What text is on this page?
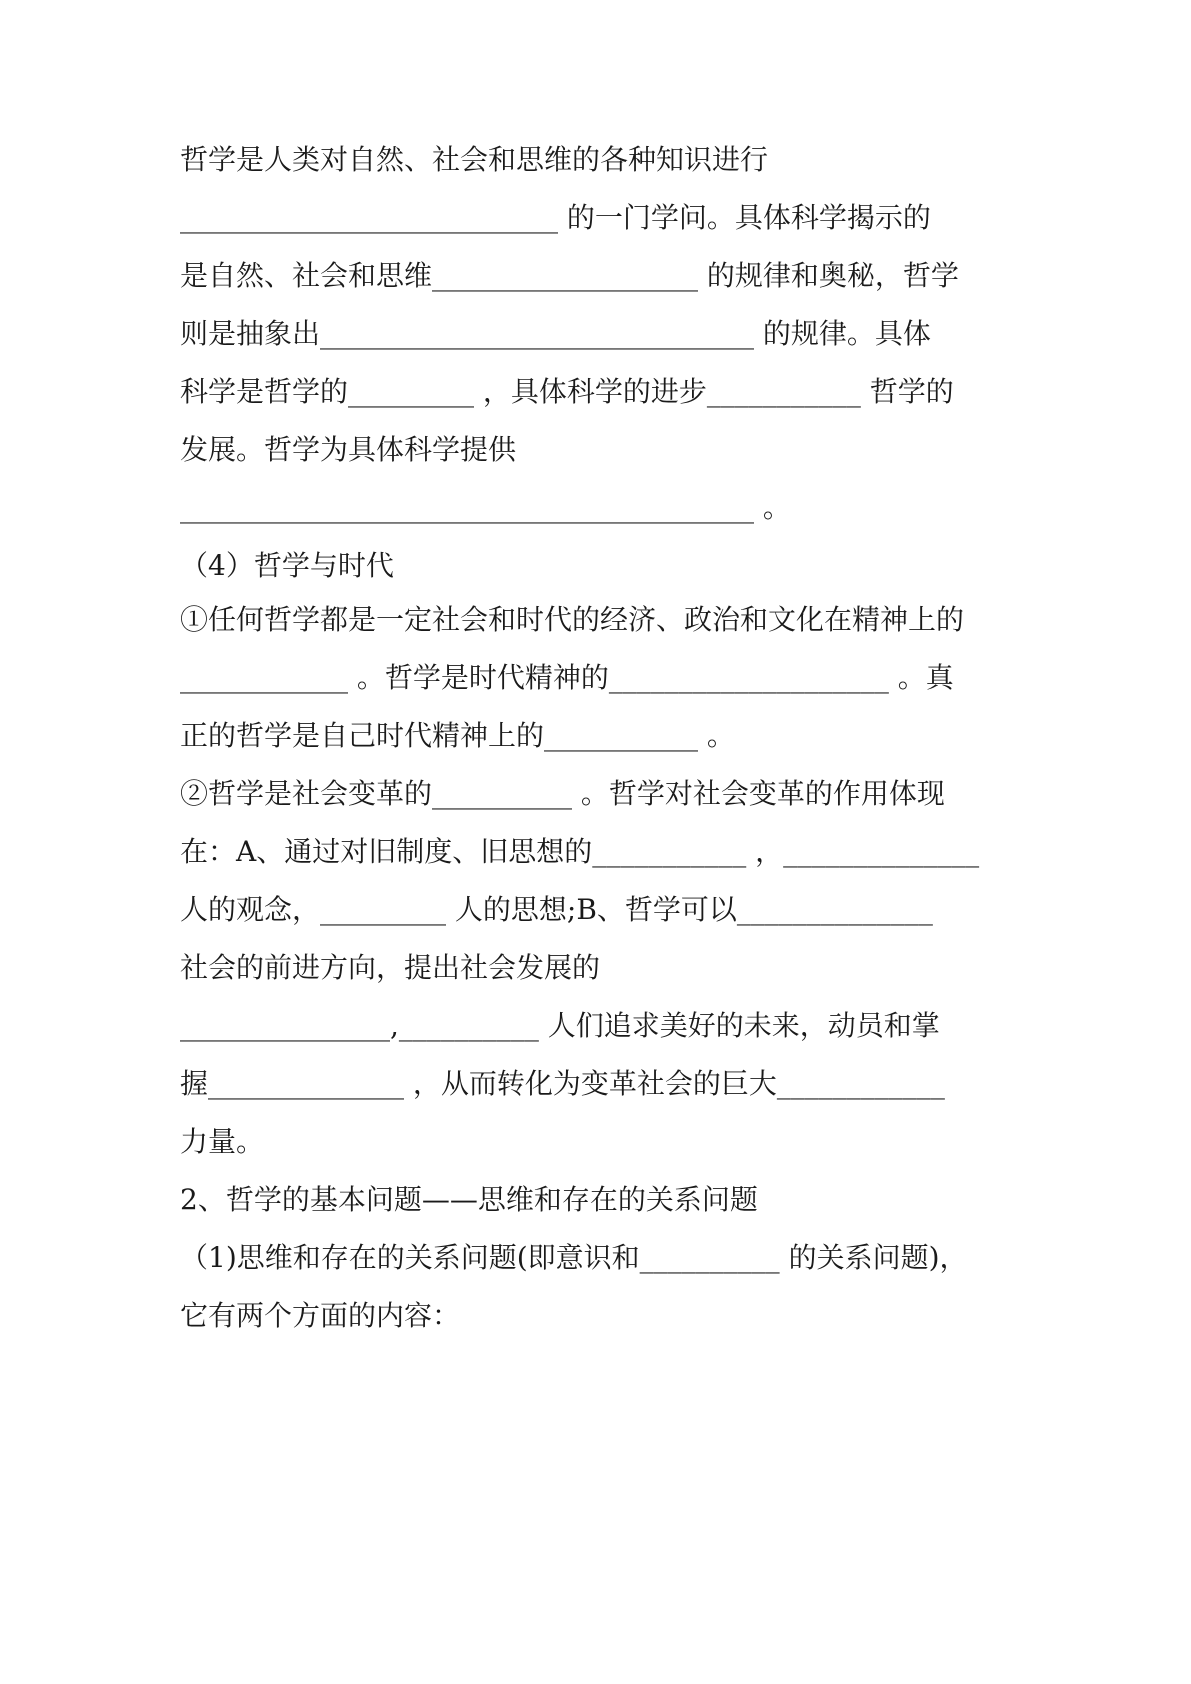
哲学是人类对自然、社会和思维的各种知识进行
___________________________ 的一门学问。具体科学揭示的
是自然、社会和思维___________________ 的规律和奥秘，哲学
则是抽象出_______________________________ 的规律。具体
科学是哲学的_________ ，具体科学的进步___________ 哲学的
发展。哲学为具体科学提供
_________________________________________ 。
（4）哲学与时代
①任何哲学都是一定社会和时代的经济、政治和文化在精神上的
____________ 。哲学是时代精神的____________________ 。真
正的哲学是自己时代精神上的___________ 。
②哲学是社会变革的__________ 。哲学对社会变革的作用体现
在：A、通过对旧制度、旧思想的___________ ，______________
人的观念，_________ 人的思想;B、哲学可以______________
社会的前进方向，提出社会发展的
_______________,__________ 人们追求美好的未来，动员和掌
握______________ ，从而转化为变革社会的巨大____________
力量。
2、哲学的基本问题——思维和存在的关系问题
（1)思维和存在的关系问题(即意识和__________ 的关系问题)，
它有两个方面的内容：
